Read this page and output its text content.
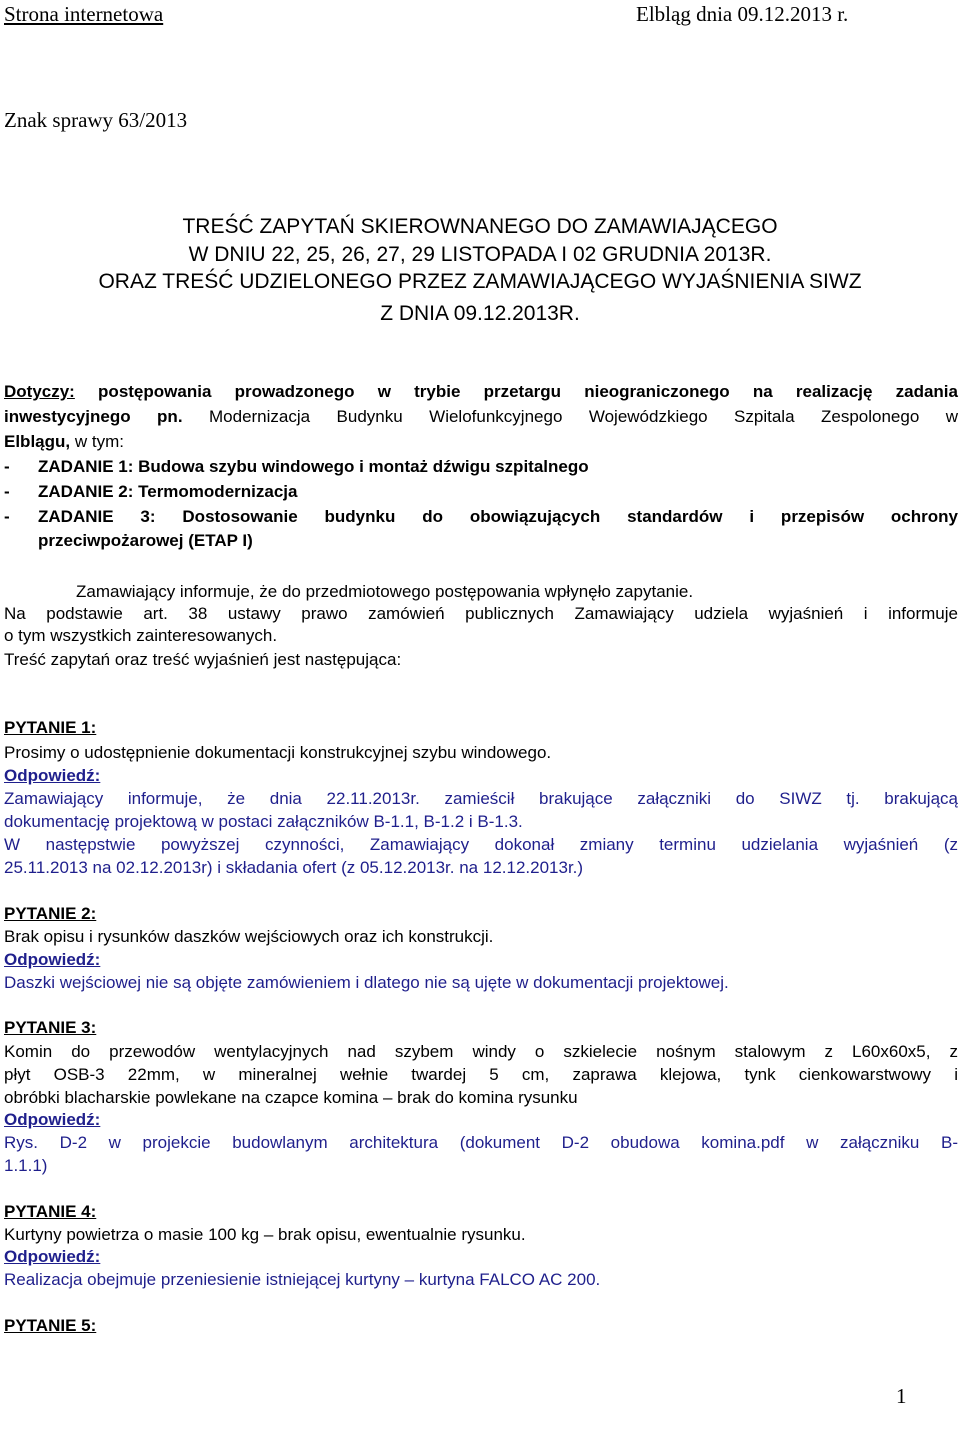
Strona internetowa	Elbląg dnia 09.12.2013 r.

Znak sprawy 63/2013

TREŚĆ ZAPYTAŃ SKIEROWNANEGO DO ZAMAWIAJĄCEGO

W DNIU 22, 25, 26, 27, 29 LISTOPADA I 02 GRUDNIA 2013R.

ORAZ TREŚĆ UDZIELONEGO PRZEZ ZAMAWIAJĄCEGO WYJAŚNIENIA SIWZ

Z DNIA 09.12.2013R.

Dotyczy: postępowania prowadzonego w trybie przetargu nieograniczonego na realizację zadania

inwestycyjnego pn. Modernizacja Budynku Wielofunkcyjnego Wojewódzkiego Szpitala Zespolonego w

Elblągu, w tym:

- ZADANIE 1: Budowa szybu windowego i montaż dźwigu szpitalnego

- ZADANIE 2: Termomodernizacja

- ZADANIE 3: Dostosowanie budynku do obowiązujących standardów i przepisów ochrony

przeciwpożarowej (ETAP I)

Zamawiający informuje, że do przedmiotowego postępowania wpłynęło zapytanie.

Na podstawie art. 38 ustawy prawo zamówień publicznych Zamawiający udziela wyjaśnień i informuje

o tym wszystkich zainteresowanych.

Treść zapytań oraz treść wyjaśnień jest następująca:

PYTANIE 1:

Prosimy o udostępnienie dokumentacji konstrukcyjnej szybu windowego.

Odpowiedź:

Zamawiający informuje, że dnia 22.11.2013r. zamieścił brakujące załączniki do SIWZ tj. brakującą

dokumentację projektową w postaci załączników B-1.1, B-1.2 i B-1.3.

W następstwie powyższej czynności, Zamawiający dokonał zmiany terminu udzielania wyjaśnień (z

25.11.2013 na 02.12.2013r) i składania ofert (z 05.12.2013r. na 12.12.2013r.)

PYTANIE 2:

Brak opisu i rysunków daszków wejściowych oraz ich konstrukcji.

Odpowiedź:

Daszki wejściowej nie są objęte zamówieniem i dlatego nie są ujęte w dokumentacji projektowej.

PYTANIE 3:

Komin do przewodów wentylacyjnych nad szybem windy o szkielecie nośnym stalowym z L60x60x5, z

płyt OSB-3 22mm, w mineralnej wełnie twardej 5 cm, zaprawa klejowa, tynk cienkowarstwowy i

obróbki blacharskie powlekane na czapce komina – brak do komina rysunku

Odpowiedź:

Rys. D-2 w projekcie budowlanym architektura (dokument D-2 obudowa komina.pdf w załączniku B-

1.1.1)

PYTANIE 4:

Kurtyny powietrza o masie 100 kg – brak opisu, ewentualnie rysunku.

Odpowiedź:

Realizacja obejmuje przeniesienie istniejącej kurtyny – kurtyna FALCO AC 200.

PYTANIE 5:

1
